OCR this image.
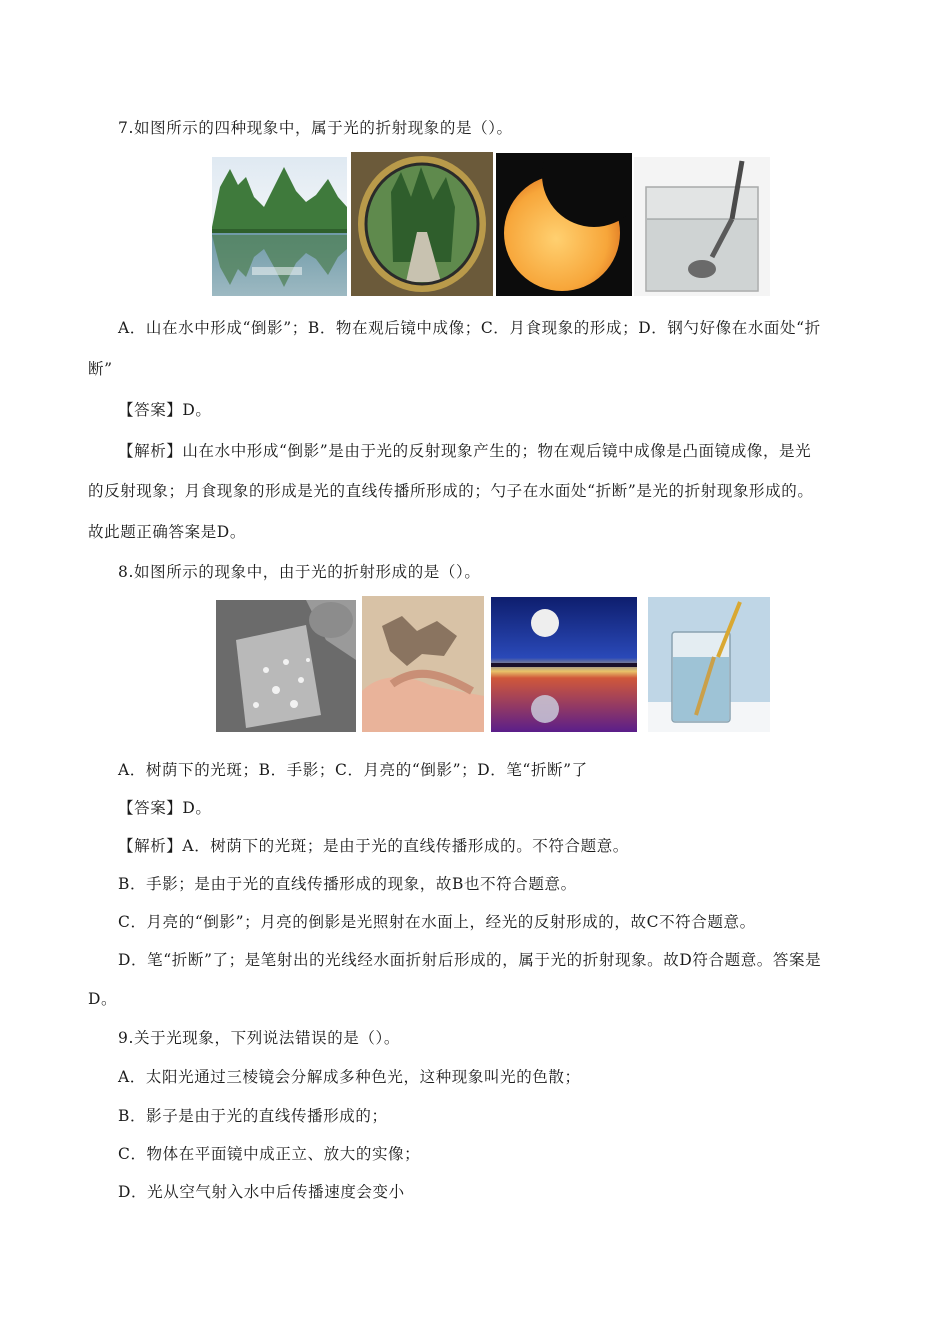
7.如图所示的四种现象中，属于光的折射现象的是（）。
A．山在水中形成“倒影”；B．物在观后镜中成像；C．月食现象的形成；D．钢勺好像在水面处“折
断”
【答案】D。
【解析】山在水中形成“倒影”是由于光的反射现象产生的；物在观后镜中成像是凸面镜成像，是光
的反射现象；月食现象的形成是光的直线传播所形成的；勺子在水面处“折断”是光的折射现象形成的。
故此题正确答案是D。
8.如图所示的现象中，由于光的折射形成的是（）。
A．树荫下的光斑；B．手影；C．月亮的“倒影”；D．笔“折断”了
【答案】D。
【解析】A．树荫下的光斑；是由于光的直线传播形成的。不符合题意。
B．手影；是由于光的直线传播形成的现象，故B也不符合题意。
C．月亮的“倒影”；月亮的倒影是光照射在水面上，经光的反射形成的，故C不符合题意。
D．笔“折断”了；是笔射出的光线经水面折射后形成的，属于光的折射现象。故D符合题意。答案是
D。
9.关于光现象，下列说法错误的是（）。
A．太阳光通过三棱镜会分解成多种色光，这种现象叫光的色散；
B．影子是由于光的直线传播形成的；
C．物体在平面镜中成正立、放大的实像；
D．光从空气射入水中后传播速度会变小
